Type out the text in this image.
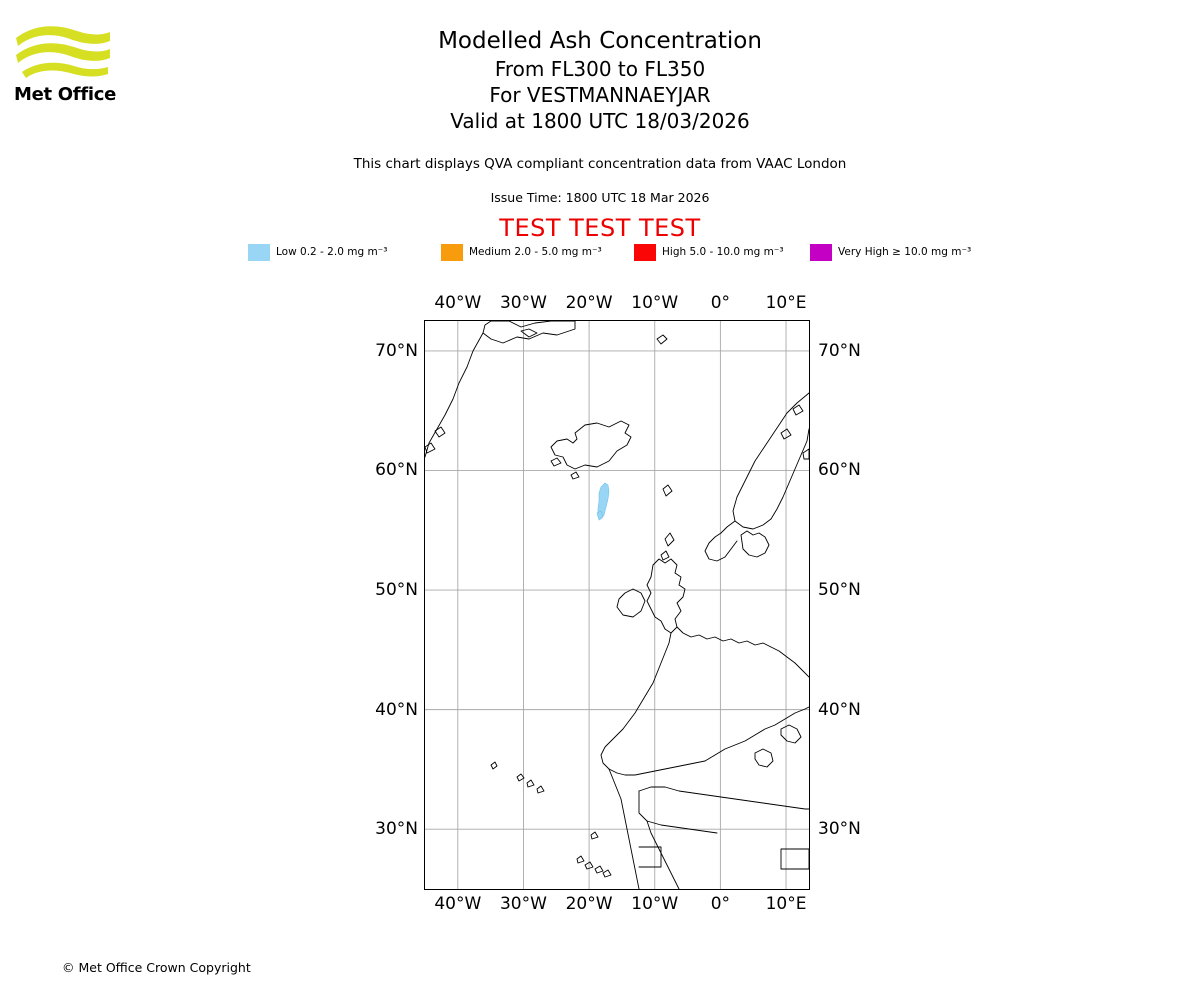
Met Office
Modelled Ash Concentration
From FL300 to FL350
For VESTMANNAEYJAR
Valid at 1800 UTC 18/03/2026
This chart displays QVA compliant concentration data from VAAC London
Issue Time: 1800 UTC 18 Mar 2026
TEST TEST TEST
Low 0.2 - 2.0 mg m⁻³	Medium 2.0 - 5.0 mg m⁻³	High 5.0 - 10.0 mg m⁻³	Very High ≥ 10.0 mg m⁻³
40°W
40°W
30°W
30°W
20°W
20°W
10°W
10°W
0°
0°
10°E
10°E
70°N	70°N
60°N	60°N
50°N	50°N
40°N	40°N
30°N	30°N
© Met Office Crown Copyright
